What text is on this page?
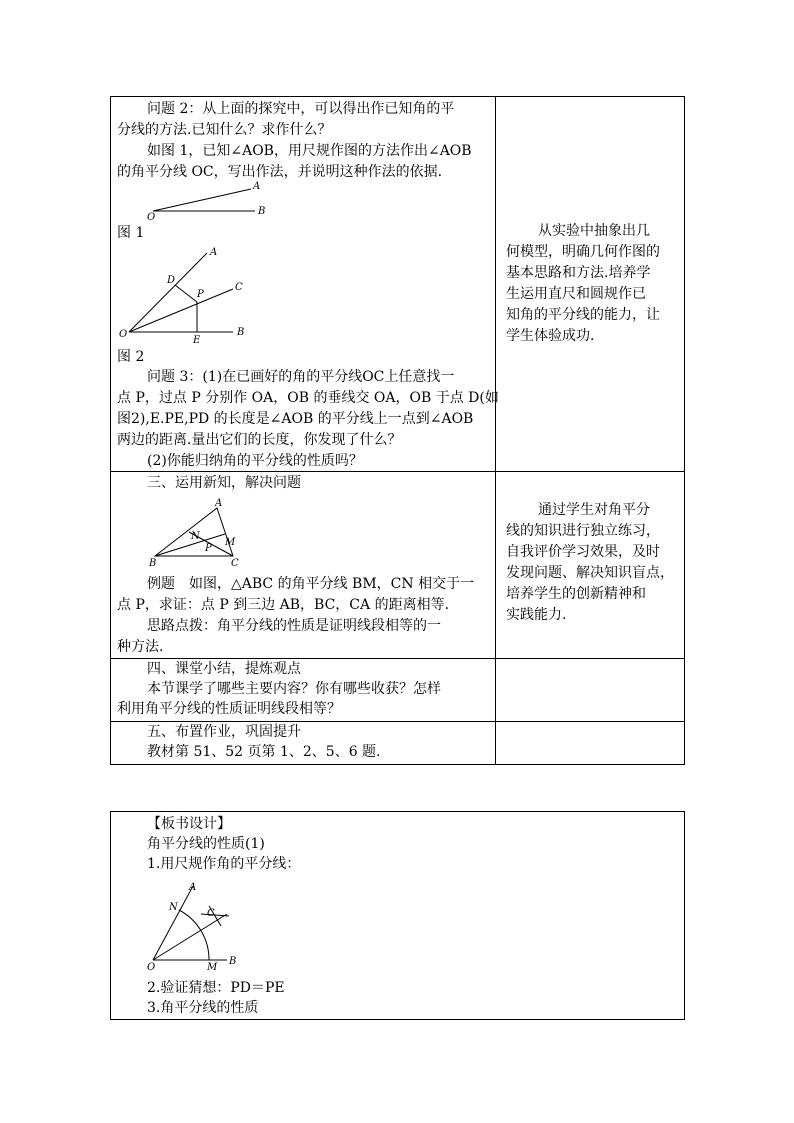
问题 2：从上面的探究中，可以得出作已知角的平
分线的方法.已知什么？求作什么？
如图 1，已知∠AOB，用尺规作图的方法作出∠AOB
的角平分线 OC，写出作法，并说明这种作法的依据.
A
O
B
图 1
A
D
P
C
O
E
B
图 2
问题 3：(1)在已画好的角的平分线OC上任意找一
点 P，过点 P 分别作 OA，OB 的垂线交 OA，OB 于点 D(如
图2),E.PE,PD 的长度是∠AOB 的平分线上一点到∠AOB
两边的距离.量出它们的长度，你发现了什么？
(2)你能归纳角的平分线的性质吗？
从实验中抽象出几
何模型，明确几何作图的
基本思路和方法.培养学
生运用直尺和圆规作已
知角的平分线的能力，让
学生体验成功.
三、运用新知，解决问题
A
N
M
P
B	C
例题　如图，△ABC 的角平分线 BM，CN 相交于一
点 P，求证：点 P 到三边 AB，BC，CA 的距离相等.
思路点拨：角平分线的性质是证明线段相等的一
种方法.
通过学生对角平分
线的知识进行独立练习，
自我评价学习效果，及时
发现问题、解决知识盲点，
培养学生的创新精神和
实践能力.
四、课堂小结，提炼观点
本节课学了哪些主要内容？你有哪些收获？怎样
利用角平分线的性质证明线段相等？
五、布置作业，巩固提升
教材第 51、52 页第 1、2、5、6 题.
【板书设计】
角平分线的性质(1)
1.用尺规作角的平分线：
A
N
C
B
O	M
2.验证猜想：PD＝PE
3.角平分线的性质
